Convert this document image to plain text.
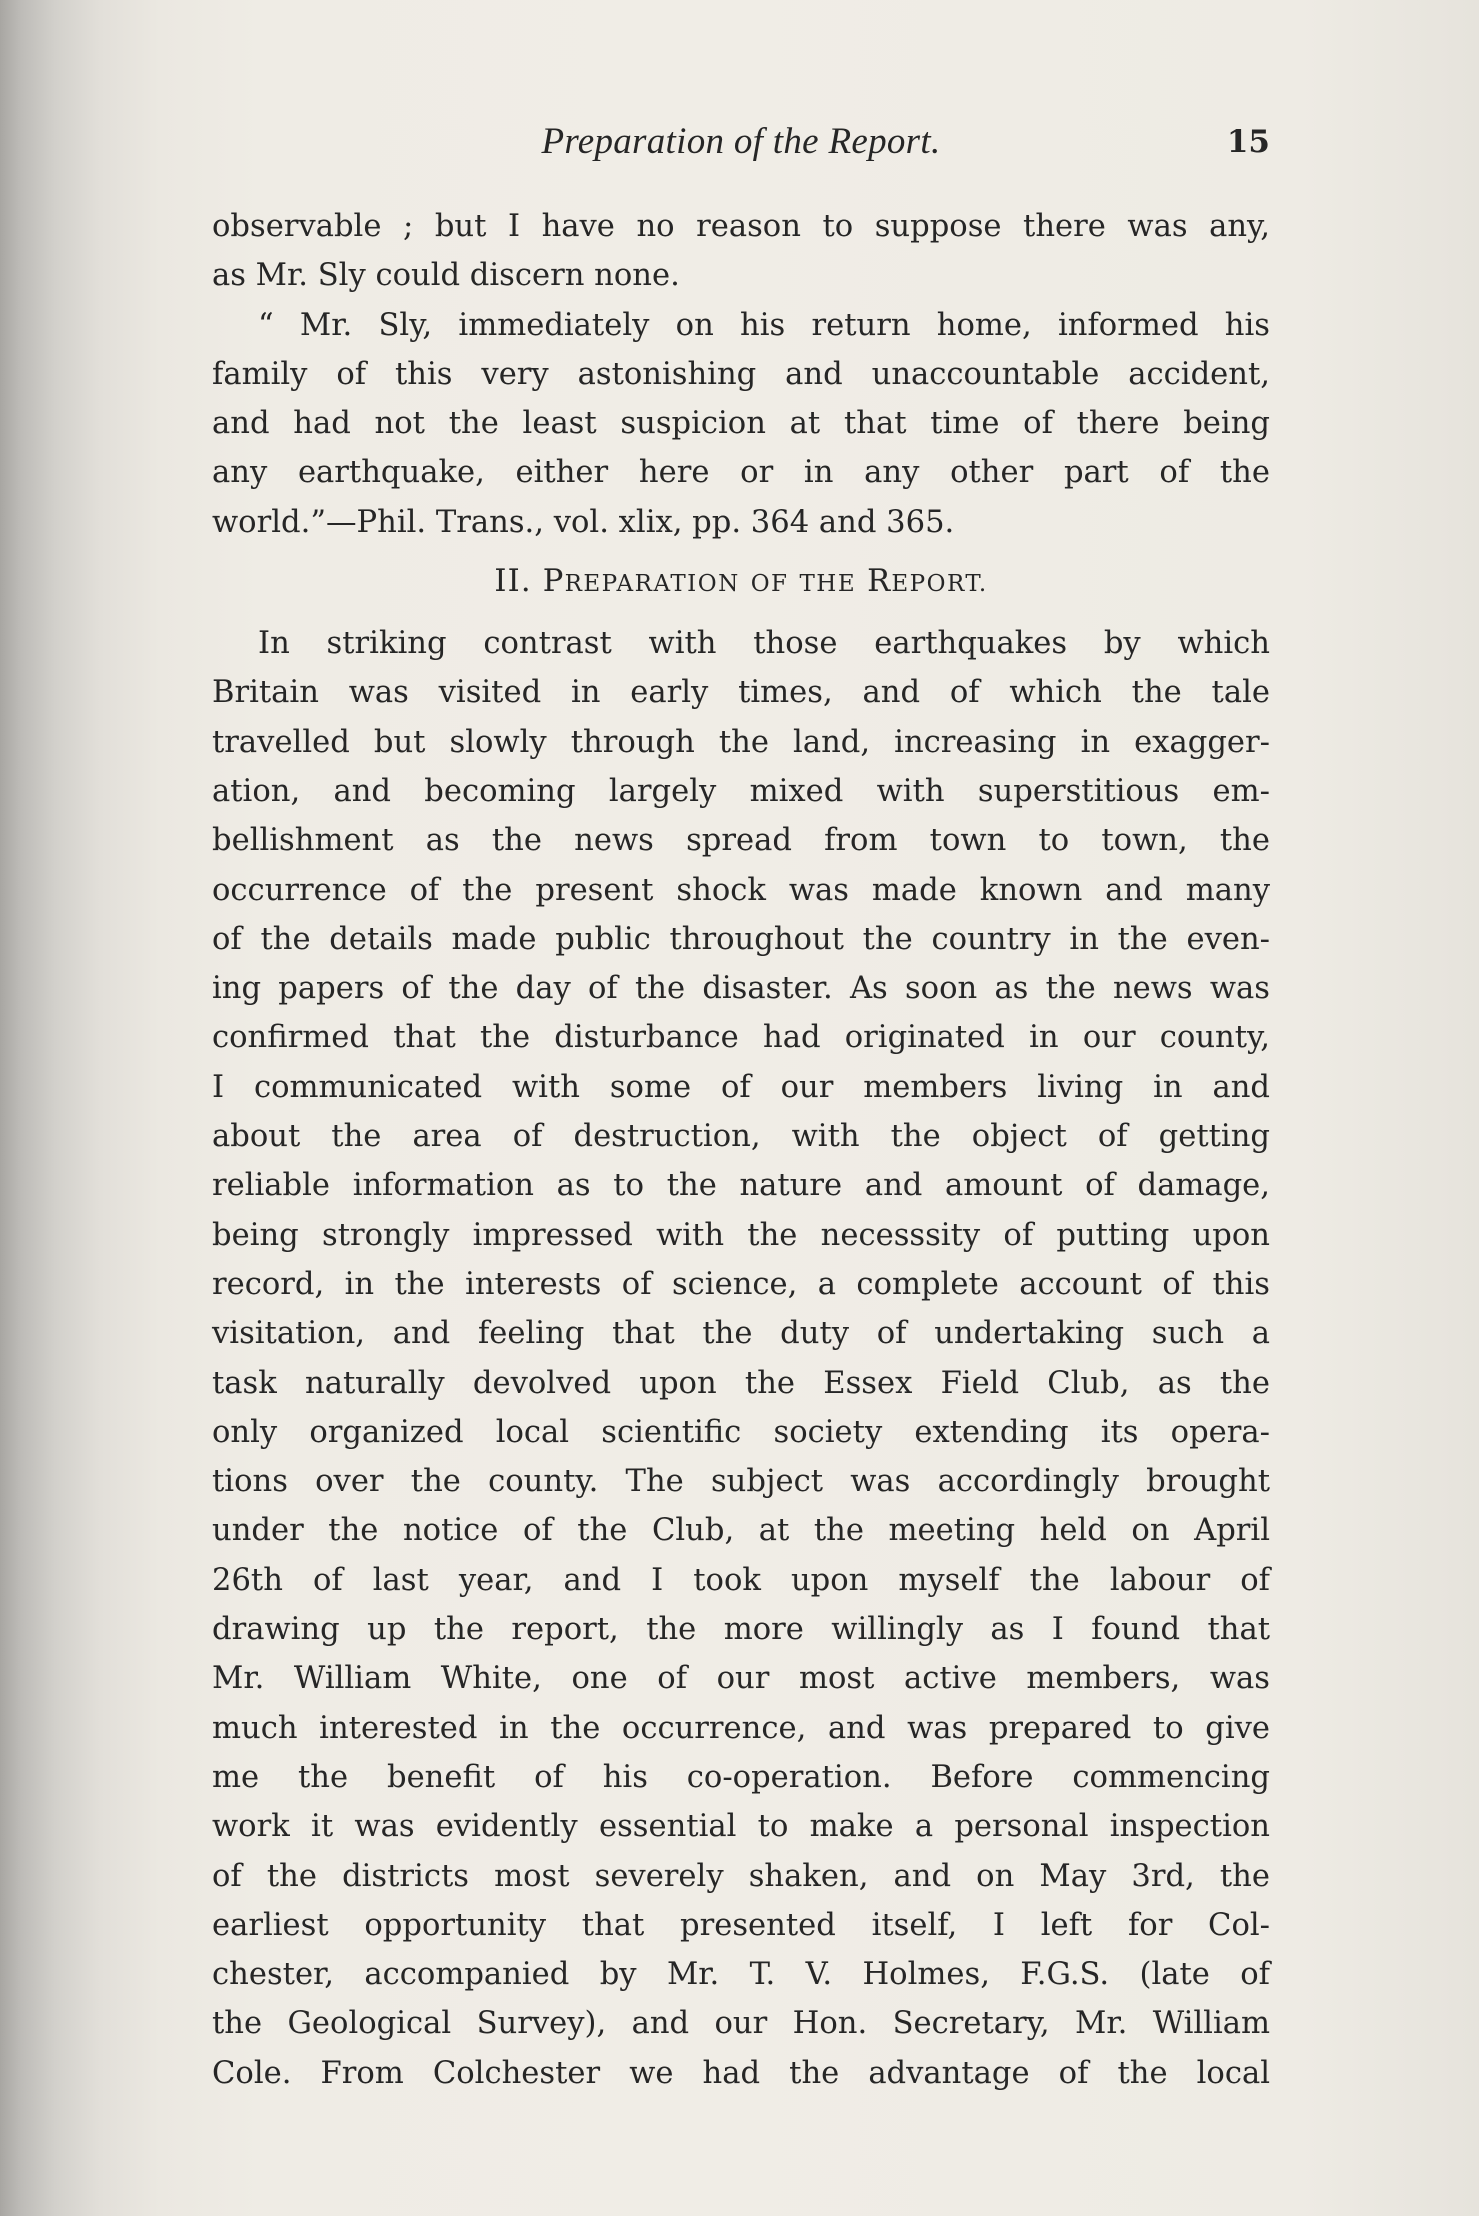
Preparation of the Report.	15
observable ; but I have no reason to suppose there was any,
as Mr. Sly could discern none.
“ Mr. Sly, immediately on his return home, informed his
family of this very astonishing and unaccountable accident,
and had not the least suspicion at that time of there being
any earthquake, either here or in any other part of the
world.”—Phil. Trans., vol. xlix, pp. 364 and 365.
II. PREPARATION OF THE REPORT.
In striking contrast with those earthquakes by which
Britain was visited in early times, and of which the tale
travelled but slowly through the land, increasing in exagger-
ation, and becoming largely mixed with superstitious em-
bellishment as the news spread from town to town, the
occurrence of the present shock was made known and many
of the details made public throughout the country in the even-
ing papers of the day of the disaster. As soon as the news was
confirmed that the disturbance had originated in our county,
I communicated with some of our members living in and
about the area of destruction, with the object of getting
reliable information as to the nature and amount of damage,
being strongly impressed with the necesssity of putting upon
record, in the interests of science, a complete account of this
visitation, and feeling that the duty of undertaking such a
task naturally devolved upon the Essex Field Club, as the
only organized local scientific society extending its opera-
tions over the county. The subject was accordingly brought
under the notice of the Club, at the meeting held on April
26th of last year, and I took upon myself the labour of
drawing up the report, the more willingly as I found that
Mr. William White, one of our most active members, was
much interested in the occurrence, and was prepared to give
me the benefit of his co-operation. Before commencing
work it was evidently essential to make a personal inspection
of the districts most severely shaken, and on May 3rd, the
earliest opportunity that presented itself, I left for Col-
chester, accompanied by Mr. T. V. Holmes, F.G.S. (late of
the Geological Survey), and our Hon. Secretary, Mr. William
Cole. From Colchester we had the advantage of the local
